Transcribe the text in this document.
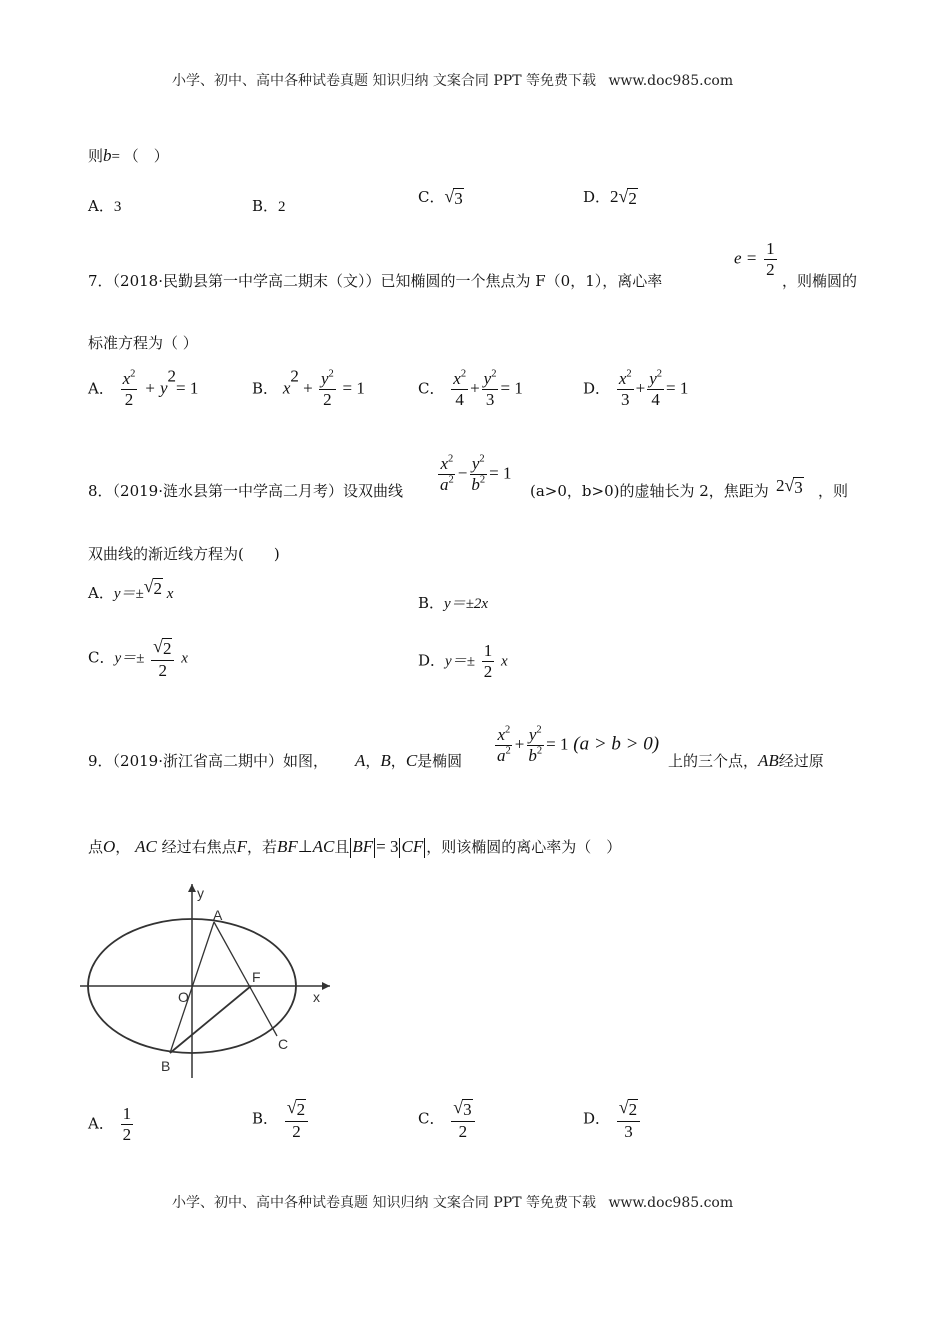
小学、初中、高中各种试卷真题 知识归纳 文案合同 PPT 等免费下载 www.doc985.com
则b= （　）
A．3	B．2
C． √ 3	D．2 √ 2
7．（2018·民勤县第一中学高二期末（文））已知椭圆的一个焦点为 F（0，1），离心率
$e = \frac{1}{2}$
，则椭圆的
标准方程为（ ）
A． $\frac{x^2}{2} + y^2= 1$	B． $x^2 + \frac{y^2}{2} = 1$	C． $\frac{x^2}{4} + \frac{y^2}{3} = 1$	D． $\frac{x^2}{3} + \frac{y^2}{4} = 1$
8．（2019·涟水县第一中学高二月考）设双曲线 $\frac{x^2}{a^2} - \frac{y^2}{b^2} = 1$
(a>0，b>0)的虚轴长为 2，焦距为 2 √ 3 ，则
双曲线的渐近线方程为(　　)
A．y＝± √ 2 x	B．y＝±2x
C．$y=\pm \frac{√ 2}{2}$ x	D．$y=\pm \frac{1}{2}$ x
9．（2019·浙江省高二期中）如图， A，B，C是椭圆 $\frac{x^2}{a^2} + \frac{y^2}{b^2} = 1$ (a > b > 0)
上的三个点，AB经过原
点O， AC 经过右焦点F，若BF⊥AC且 BF = 3 CF ，则该椭圆的离心率为（　）
y
x
A
O
F
B
C
A． $\frac{1}{2}$	B． $\frac{√ 2}{2}$	C． $\frac{√ 3}{2}$	D． $\frac{√ 2}{3}$
小学、初中、高中各种试卷真题 知识归纳 文案合同 PPT 等免费下载 www.doc985.com
